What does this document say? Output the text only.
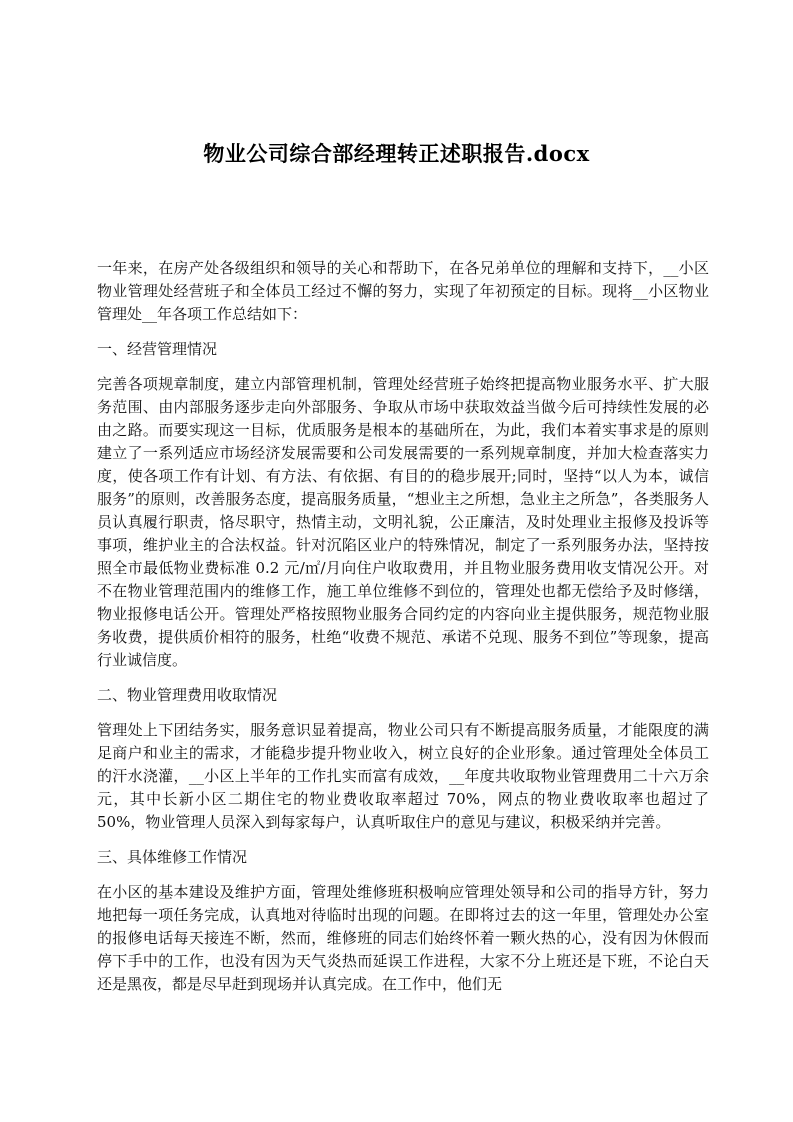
物业公司综合部经理转正述职报告.docx

一年来，在房产处各级组织和领导的关心和帮助下，在各兄弟单位的理解和支持下，__小区物业管理处经营班子和全体员工经过不懈的努力，实现了年初预定的目标。现将__小区物业管理处__年各项工作总结如下：

一、经营管理情况

完善各项规章制度，建立内部管理机制，管理处经营班子始终把提高物业服务水平、扩大服务范围、由内部服务逐步走向外部服务、争取从市场中获取效益当做今后可持续性发展的必由之路。而要实现这一目标，优质服务是根本的基础所在，为此，我们本着实事求是的原则建立了一系列适应市场经济发展需要和公司发展需要的一系列规章制度，并加大检查落实力度，使各项工作有计划、有方法、有依据、有目的的稳步展开;同时，坚持“以人为本，诚信服务”的原则，改善服务态度，提高服务质量，“想业主之所想，急业主之所急”，各类服务人员认真履行职责，恪尽职守，热情主动，文明礼貌，公正廉洁，及时处理业主报修及投诉等事项，维护业主的合法权益。针对沉陷区业户的特殊情况，制定了一系列服务办法，坚持按照全市最低物业费标准 0.2 元/㎡/月向住户收取费用，并且物业服务费用收支情况公开。对不在物业管理范围内的维修工作，施工单位维修不到位的，管理处也都无偿给予及时修缮，物业报修电话公开。管理处严格按照物业服务合同约定的内容向业主提供服务，规范物业服务收费，提供质价相符的服务，杜绝“收费不规范、承诺不兑现、服务不到位”等现象，提高行业诚信度。

二、物业管理费用收取情况

管理处上下团结务实，服务意识显着提高，物业公司只有不断提高服务质量，才能限度的满足商户和业主的需求，才能稳步提升物业收入，树立良好的企业形象。通过管理处全体员工的汗水浇灌，__小区上半年的工作扎实而富有成效，__年度共收取物业管理费用二十六万余元，其中长新小区二期住宅的物业费收取率超过 70%，网点的物业费收取率也超过了 50%，物业管理人员深入到每家每户，认真听取住户的意见与建议，积极采纳并完善。

三、具体维修工作情况

在小区的基本建设及维护方面，管理处维修班积极响应管理处领导和公司的指导方针，努力地把每一项任务完成，认真地对待临时出现的问题。在即将过去的这一年里，管理处办公室的报修电话每天接连不断，然而，维修班的同志们始终怀着一颗火热的心，没有因为休假而停下手中的工作，也没有因为天气炎热而延误工作进程，大家不分上班还是下班，不论白天还是黑夜，都是尽早赶到现场并认真完成。在工作中，他们无
